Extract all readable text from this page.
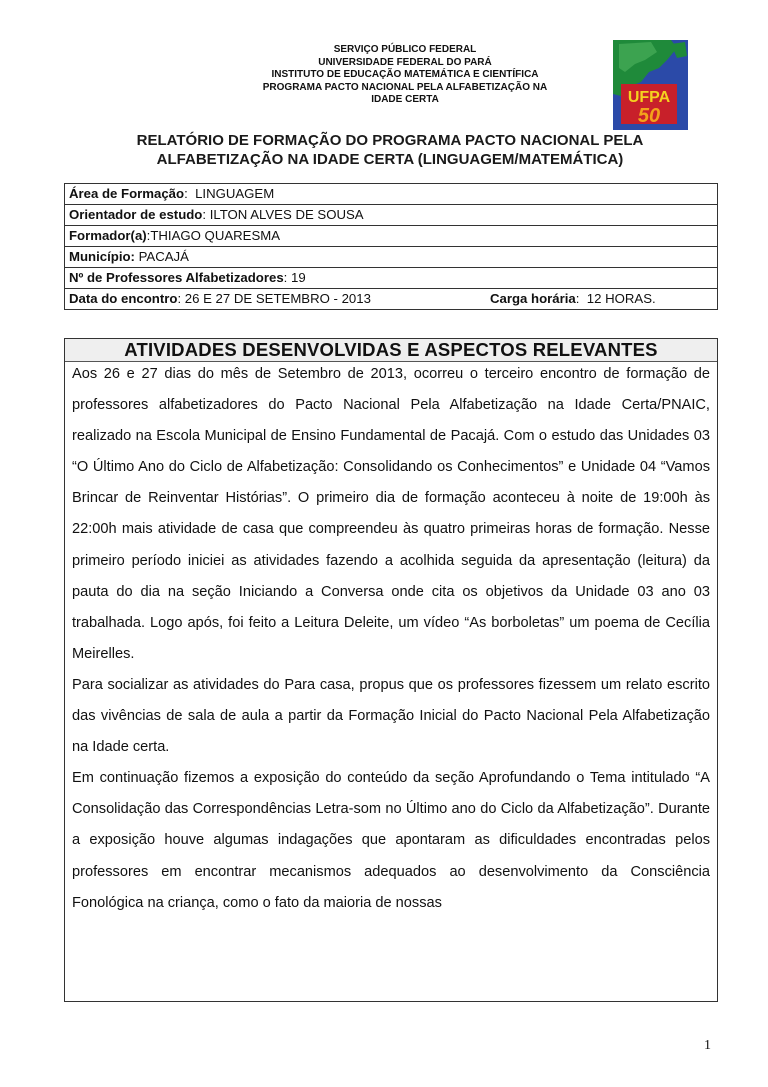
SERVIÇO PÚBLICO FEDERAL
UNIVERSIDADE FEDERAL DO PARÁ
INSTITUTO DE EDUCAÇÃO MATEMÁTICA E CIENTÍFICA
PROGRAMA PACTO NACIONAL PELA ALFABETIZAÇÃO NA
IDADE CERTA	UFPA
50
RELATÓRIO DE FORMAÇÃO DO PROGRAMA PACTO NACIONAL PELA
ALFABETIZAÇÃO NA IDADE CERTA (LINGUAGEM/MATEMÁTICA)
Área de Formação:  LINGUAGEM
Orientador de estudo: ILTON ALVES DE SOUSA
Formador(a):THIAGO QUARESMA
Município: PACAJÁ
Nº de Professores Alfabetizadores: 19
Data do encontro: 26 E 27 DE SETEMBRO - 2013	Carga horária:  12 HORAS.
ATIVIDADES DESENVOLVIDAS E ASPECTOS RELEVANTES

Aos 26 e 27 dias do mês de Setembro de 2013, ocorreu o terceiro encontro de formação de professores alfabetizadores do Pacto Nacional Pela Alfabetização na Idade Certa/PNAIC, realizado na Escola Municipal de Ensino Fundamental de Pacajá. Com o estudo das Unidades 03 “O Último Ano do Ciclo de Alfabetização: Consolidando os Conhecimentos” e Unidade 04 “Vamos Brincar de Reinventar Histórias”. O primeiro dia de formação aconteceu à noite de 19:00h às 22:00h mais atividade de casa que compreendeu às quatro primeiras horas de formação. Nesse primeiro período iniciei as atividades fazendo a acolhida seguida da apresentação (leitura) da pauta do dia na seção Iniciando a Conversa onde cita os objetivos da Unidade 03 ano 03 trabalhada. Logo após, foi feito a Leitura Deleite, um vídeo “As borboletas” um poema de Cecília Meirelles.

Para socializar as atividades do Para casa, propus que os professores fizessem um relato escrito das vivências de sala de aula a partir da Formação Inicial do Pacto Nacional Pela Alfabetização na Idade certa.

Em continuação fizemos a exposição do conteúdo da seção Aprofundando o Tema intitulado “A Consolidação das Correspondências Letra-som no Último ano do Ciclo da Alfabetização”. Durante a exposição houve algumas indagações que apontaram as dificuldades encontradas pelos professores em encontrar mecanismos adequados ao desenvolvimento da Consciência Fonológica na criança, como o fato da maioria de nossas

1
